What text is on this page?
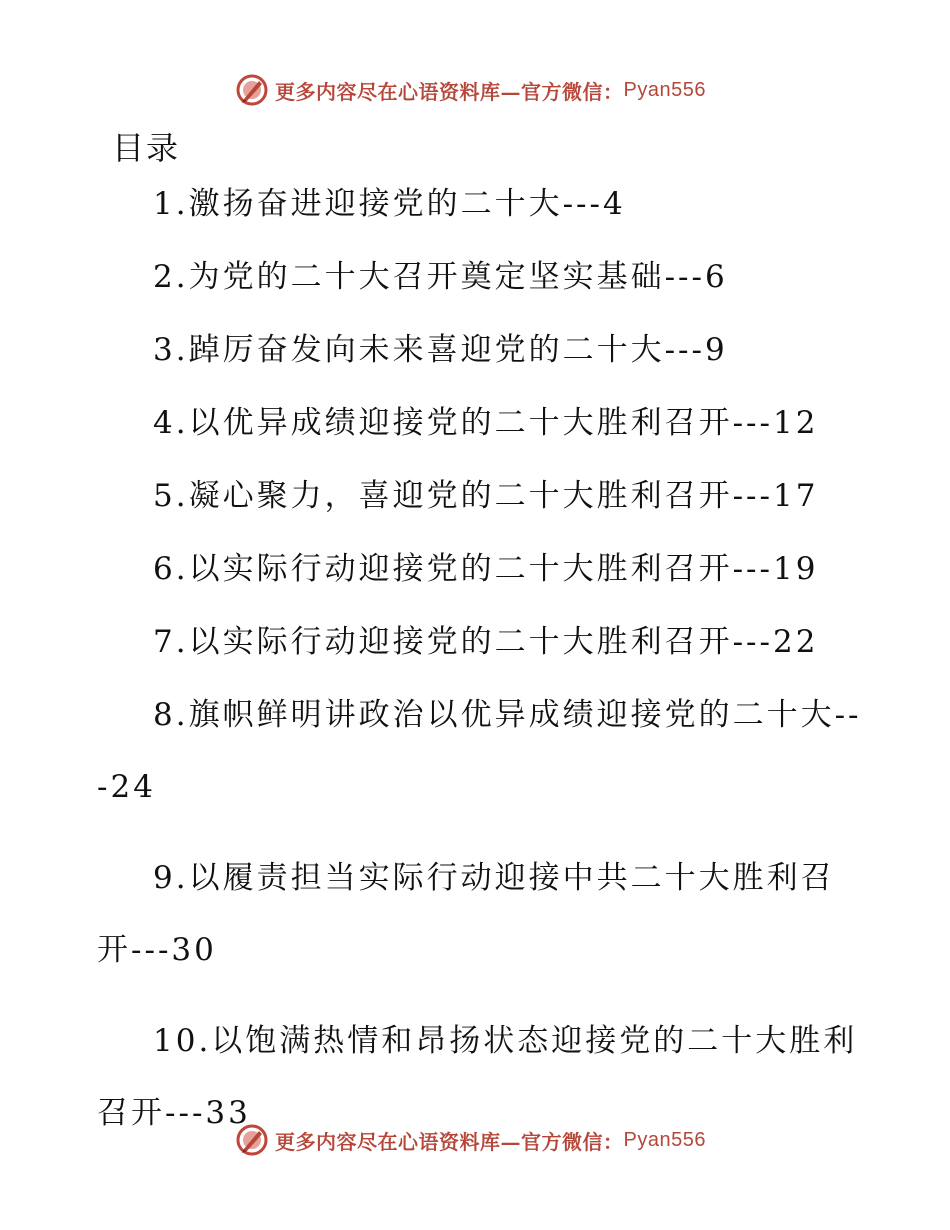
更多内容尽在心语资料库—官方微信： Pyan556
目录
1.激扬奋进迎接党的二十大---4
2.为党的二十大召开奠定坚实基础---6
3.踔厉奋发向未来喜迎党的二十大---9
4.以优异成绩迎接党的二十大胜利召开---12
5.凝心聚力，喜迎党的二十大胜利召开---17
6.以实际行动迎接党的二十大胜利召开---19
7.以实际行动迎接党的二十大胜利召开---22
8.旗帜鲜明讲政治以优异成绩迎接党的二十大---24
9.以履责担当实际行动迎接中共二十大胜利召开---30
10.以饱满热情和昂扬状态迎接党的二十大胜利召开---33
更多内容尽在心语资料库—官方微信： Pyan556
